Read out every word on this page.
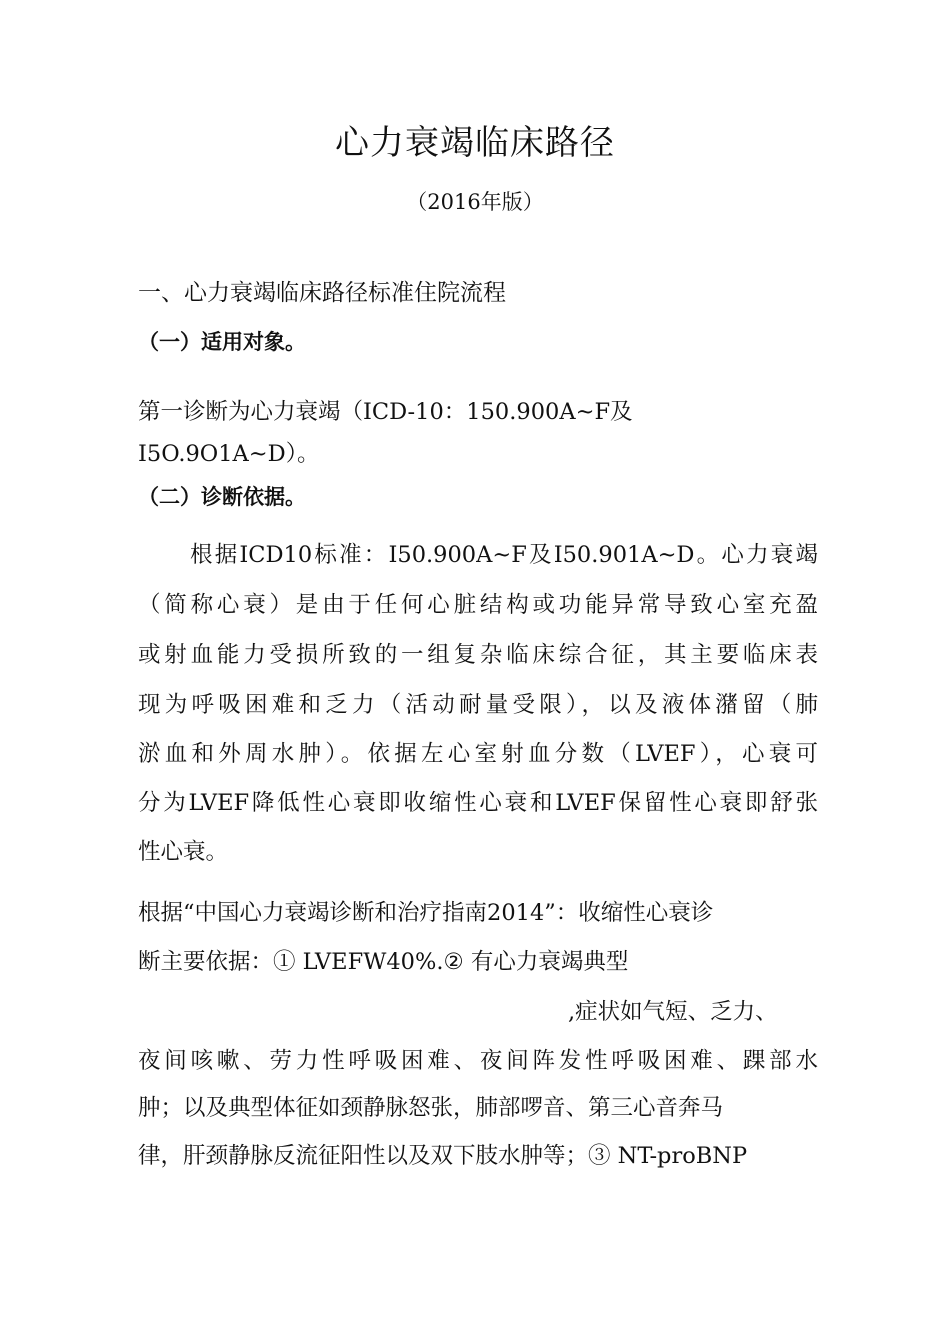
心力衰竭临床路径
（2016年版）
一、心力衰竭临床路径标准住院流程
（一）适用对象。

第一诊断为心力衰竭（ICD-10：150.900A~F及

I5O.9O1A~D）。

（二）诊断依据。

根据ICD10标准：I50.900A~F及I50.901A~D。心力衰竭

（简称心衰）是由于任何心脏结构或功能异常导致心室充盈

或射血能力受损所致的一组复杂临床综合征，其主要临床表

现为呼吸困难和乏力（活动耐量受限），以及液体潴留（肺

淤血和外周水肿）。依据左心室射血分数（LVEF），心衰可

分为LVEF降低性心衰即收缩性心衰和LVEF保留性心衰即舒张

性心衰。

根据“中国心力衰竭诊断和治疗指南2014”：收缩性心衰诊

断主要依据：① LVEFW40%.② 有心力衰竭典型

,症状如气短、乏力、

夜间咳嗽、劳力性呼吸困难、夜间阵发性呼吸困难、踝部水

肿；以及典型体征如颈静脉怒张，肺部啰音、第三心音奔马

律，肝颈静脉反流征阳性以及双下肢水肿等；③ NT-proBNP
